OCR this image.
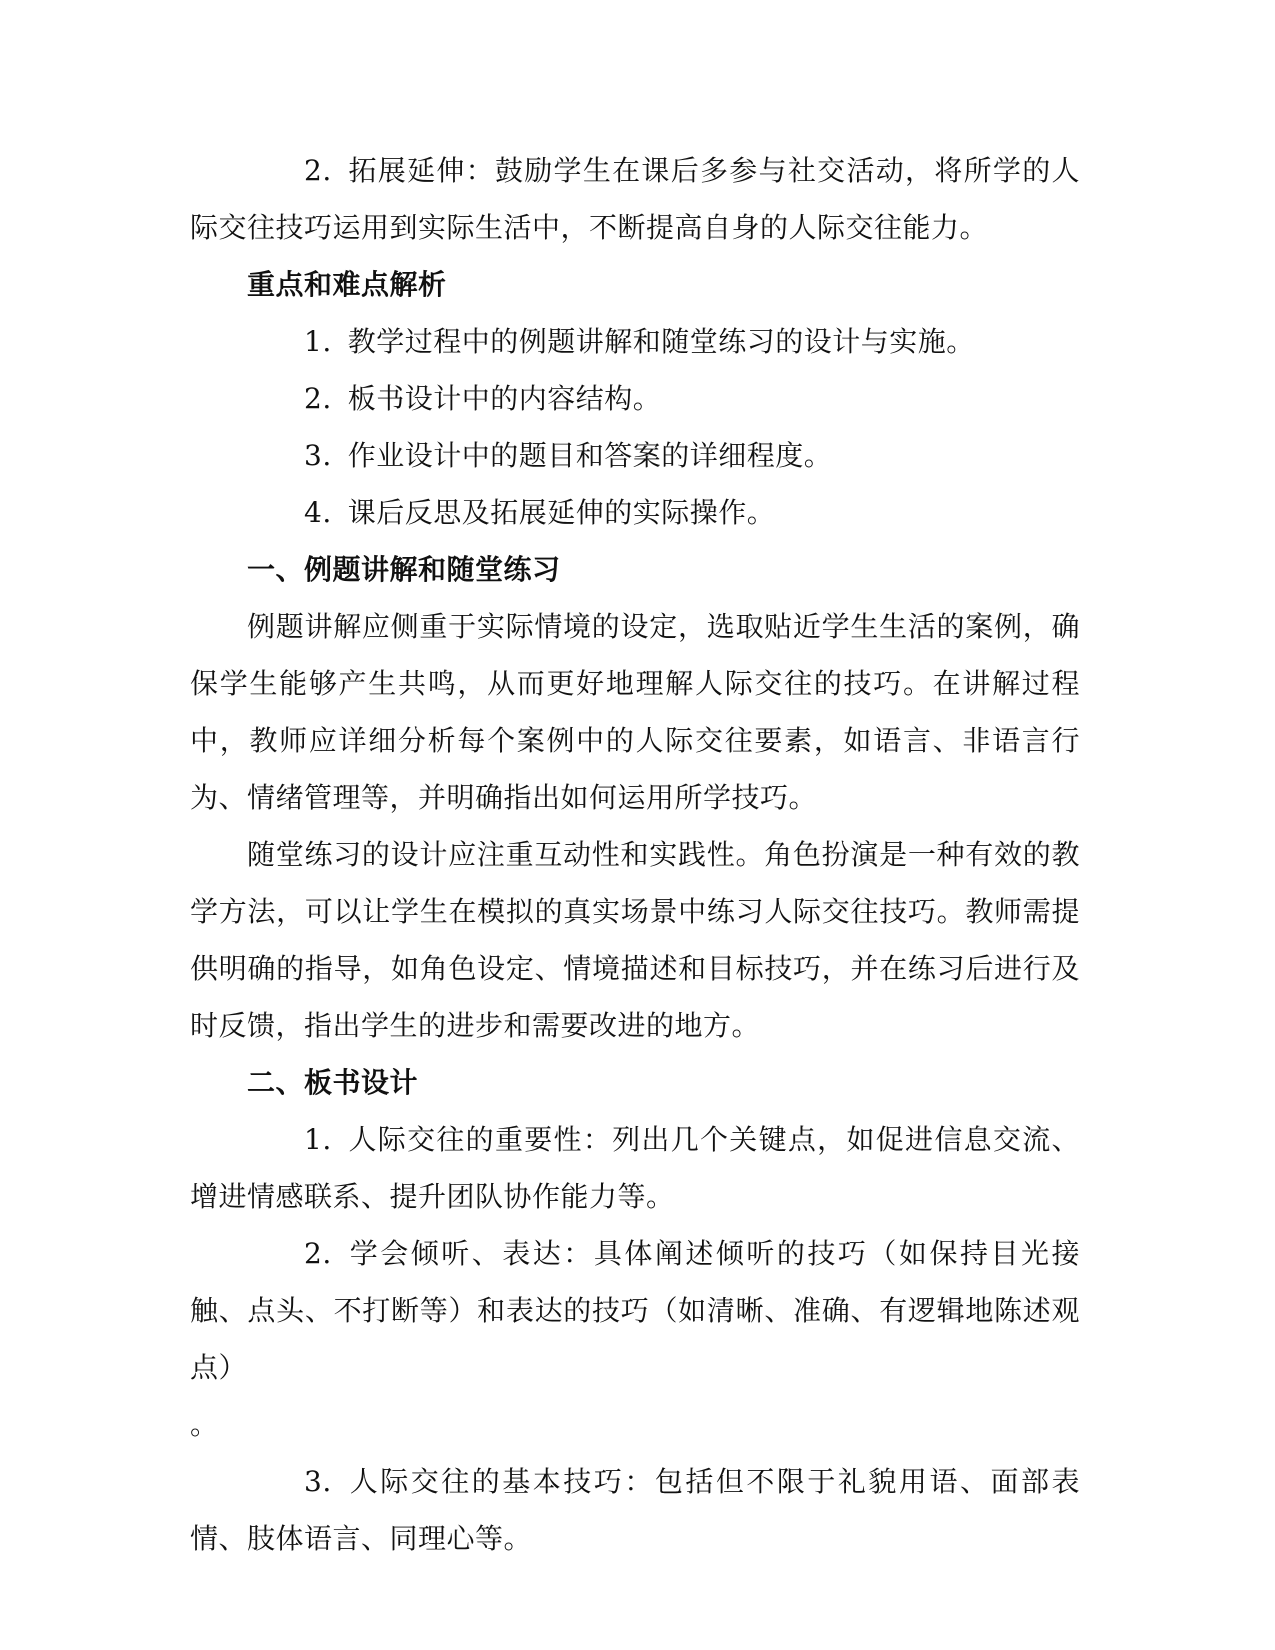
2. 拓展延伸：鼓励学生在课后多参与社交活动，将所学的人际交往技巧运用到实际生活中，不断提高自身的人际交往能力。

重点和难点解析

1. 教学过程中的例题讲解和随堂练习的设计与实施。

2. 板书设计中的内容结构。

3. 作业设计中的题目和答案的详细程度。

4. 课后反思及拓展延伸的实际操作。

一、例题讲解和随堂练习

例题讲解应侧重于实际情境的设定，选取贴近学生生活的案例，确保学生能够产生共鸣，从而更好地理解人际交往的技巧。在讲解过程中，教师应详细分析每个案例中的人际交往要素，如语言、非语言行为、情绪管理等，并明确指出如何运用所学技巧。

随堂练习的设计应注重互动性和实践性。角色扮演是一种有效的教学方法，可以让学生在模拟的真实场景中练习人际交往技巧。教师需提供明确的指导，如角色设定、情境描述和目标技巧，并在练习后进行及时反馈，指出学生的进步和需要改进的地方。

二、板书设计

1. 人际交往的重要性：列出几个关键点，如促进信息交流、增进情感联系、提升团队协作能力等。

2. 学会倾听、表达：具体阐述倾听的技巧（如保持目光接触、点头、不打断等）和表达的技巧（如清晰、准确、有逻辑地陈述观点）

。

3. 人际交往的基本技巧：包括但不限于礼貌用语、面部表情、肢体语言、同理心等。
